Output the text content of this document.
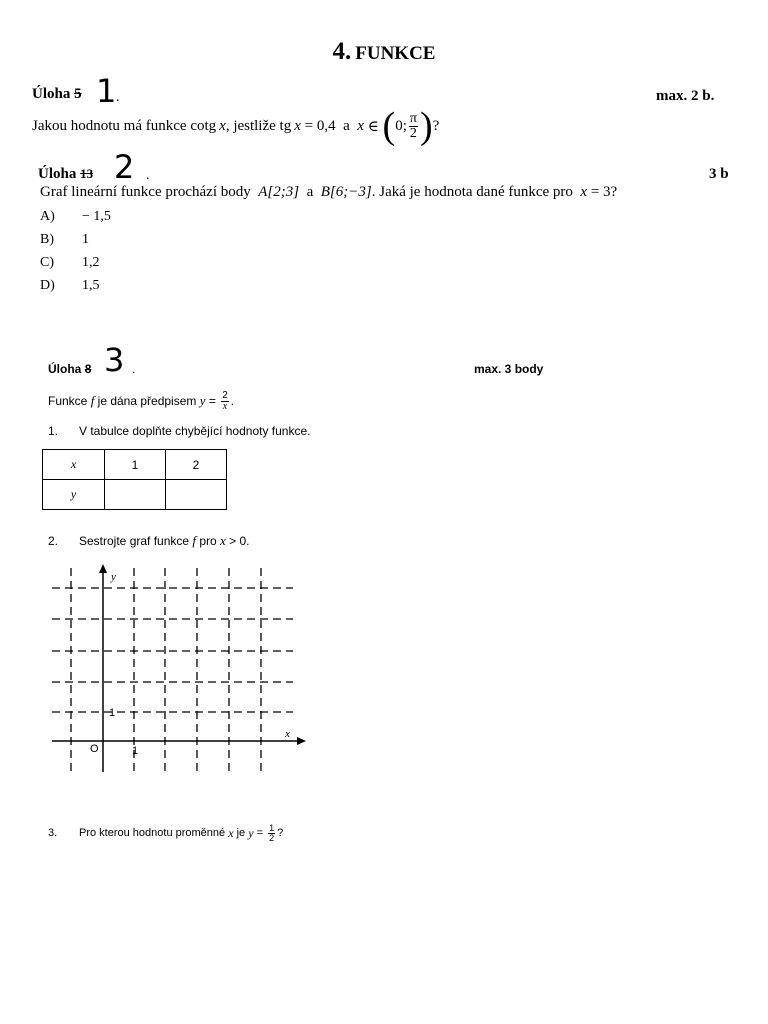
4. FUNKCE
Úloha 5 1 .	max. 2 b.
Jakou hodnotu má funkce cotg x , jestliže tg x = 0,4  a x ∈ ( 0; $\frac{\pi}{2}$ ) ?
Úloha 13 2 .	3 b
Graf lineární funkce prochází body  A[2;3]  a  B[6;−3]. Jaká je hodnota dané funkce pro  x = 3?
A) − 1,5
B) 1
C) 1,2
D) 1,5
Úloha 8 3 .	max. 3 body
Funkce f je dána předpisem $y = \frac{2}{x}$ .
1. V tabulce doplňte chybějící hodnoty funkce.
x	1	2
y		
2. Sestrojte graf funkce f pro x > 0.
y
x
O
1
1
3.	Pro kterou hodnotu proměnné x je $y = \frac{1}{2}$ ?
